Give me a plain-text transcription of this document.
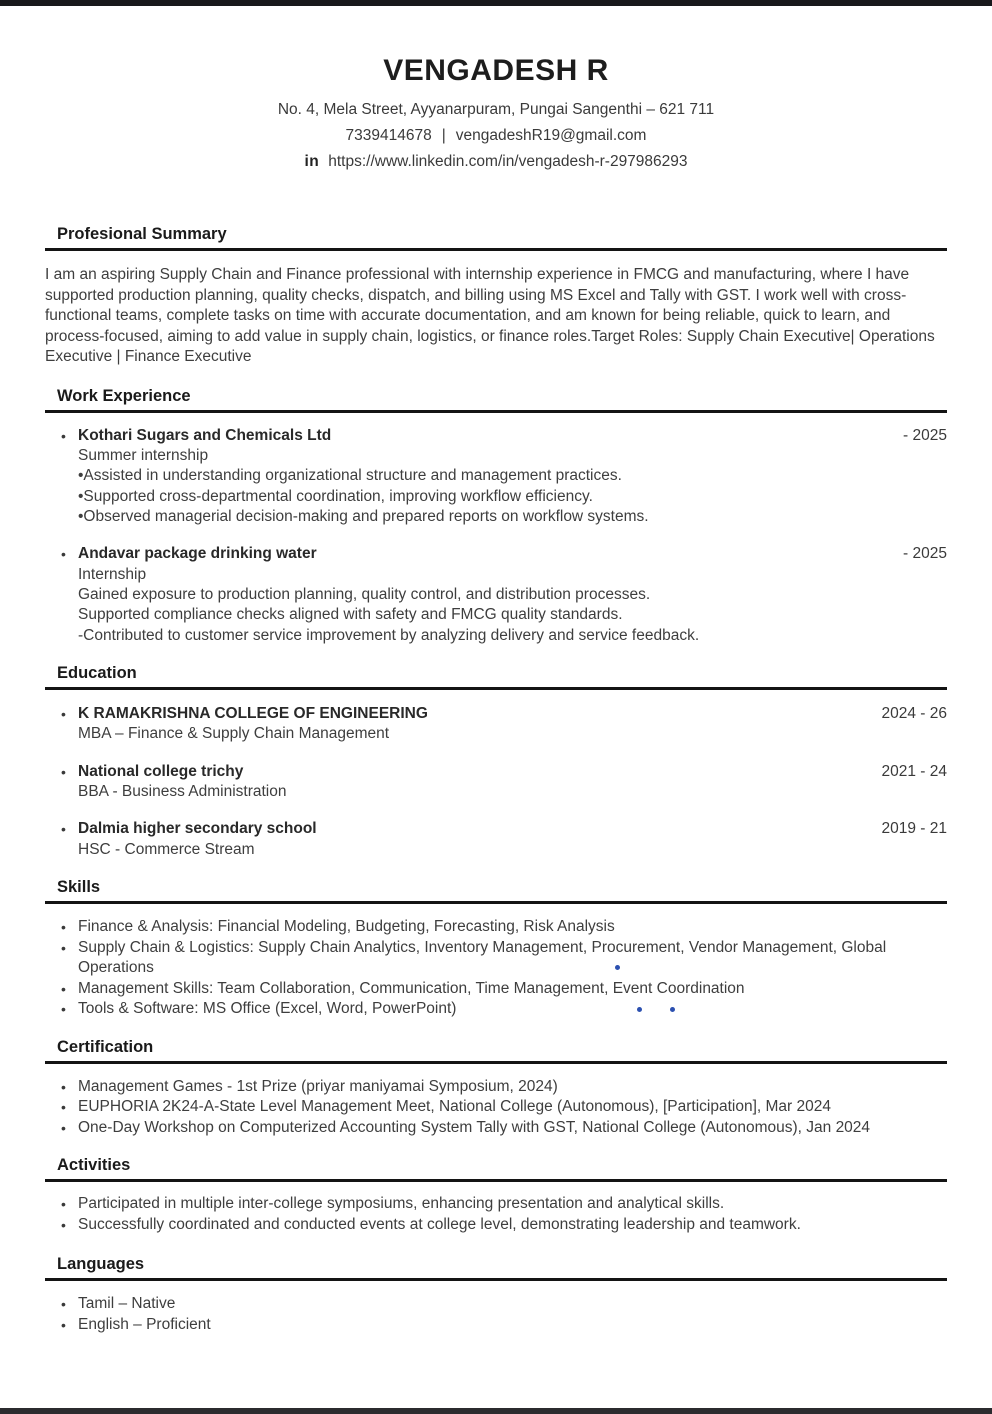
VENGADESH R
No. 4, Mela Street, Ayyanarpuram, Pungai Sangenthi – 621 711
7339414678 | vengadeshR19@gmail.com
in https://www.linkedin.com/in/vengadesh-r-297986293
Profesional Summary

I am an aspiring Supply Chain and Finance professional with internship experience in FMCG and manufacturing, where I have supported production planning, quality checks, dispatch, and billing using MS Excel and Tally with GST. I work well with cross-functional teams, complete tasks on time with accurate documentation, and am known for being reliable, quick to learn, and process-focused, aiming to add value in supply chain, logistics, or finance roles.Target Roles: Supply Chain Executive| Operations Executive | Finance Executive

Work Experience
• Kothari Sugars and Chemicals Ltd	- 2025
Summer internship
•Assisted in understanding organizational structure and management practices.
•Supported cross-departmental coordination, improving workflow efficiency.
•Observed managerial decision-making and prepared reports on workflow systems.
• Andavar package drinking water	- 2025
Internship
Gained exposure to production planning, quality control, and distribution processes.
Supported compliance checks aligned with safety and FMCG quality standards.
-Contributed to customer service improvement by analyzing delivery and service feedback.
Education
• K RAMAKRISHNA COLLEGE OF ENGINEERING	2024 - 26
MBA – Finance & Supply Chain Management
• National college trichy	2021 - 24
BBA - Business Administration
• Dalmia higher secondary school	2019 - 21
HSC - Commerce Stream
Skills
• Finance & Analysis: Financial Modeling, Budgeting, Forecasting, Risk Analysis
• Supply Chain & Logistics: Supply Chain Analytics, Inventory Management, Procurement, Vendor Management, Global Operations
• Management Skills: Team Collaboration, Communication, Time Management, Event Coordination
• Tools & Software: MS Office (Excel, Word, PowerPoint)
Certification
• Management Games - 1st Prize (priyar maniyamai Symposium, 2024)
• EUPHORIA 2K24-A-State Level Management Meet, National College (Autonomous), [Participation], Mar 2024
• One-Day Workshop on Computerized Accounting System Tally with GST, National College (Autonomous), Jan 2024
Activities
• Participated in multiple inter-college symposiums, enhancing presentation and analytical skills.
• Successfully coordinated and conducted events at college level, demonstrating leadership and teamwork.
Languages
• Tamil – Native
• English – Proficient
